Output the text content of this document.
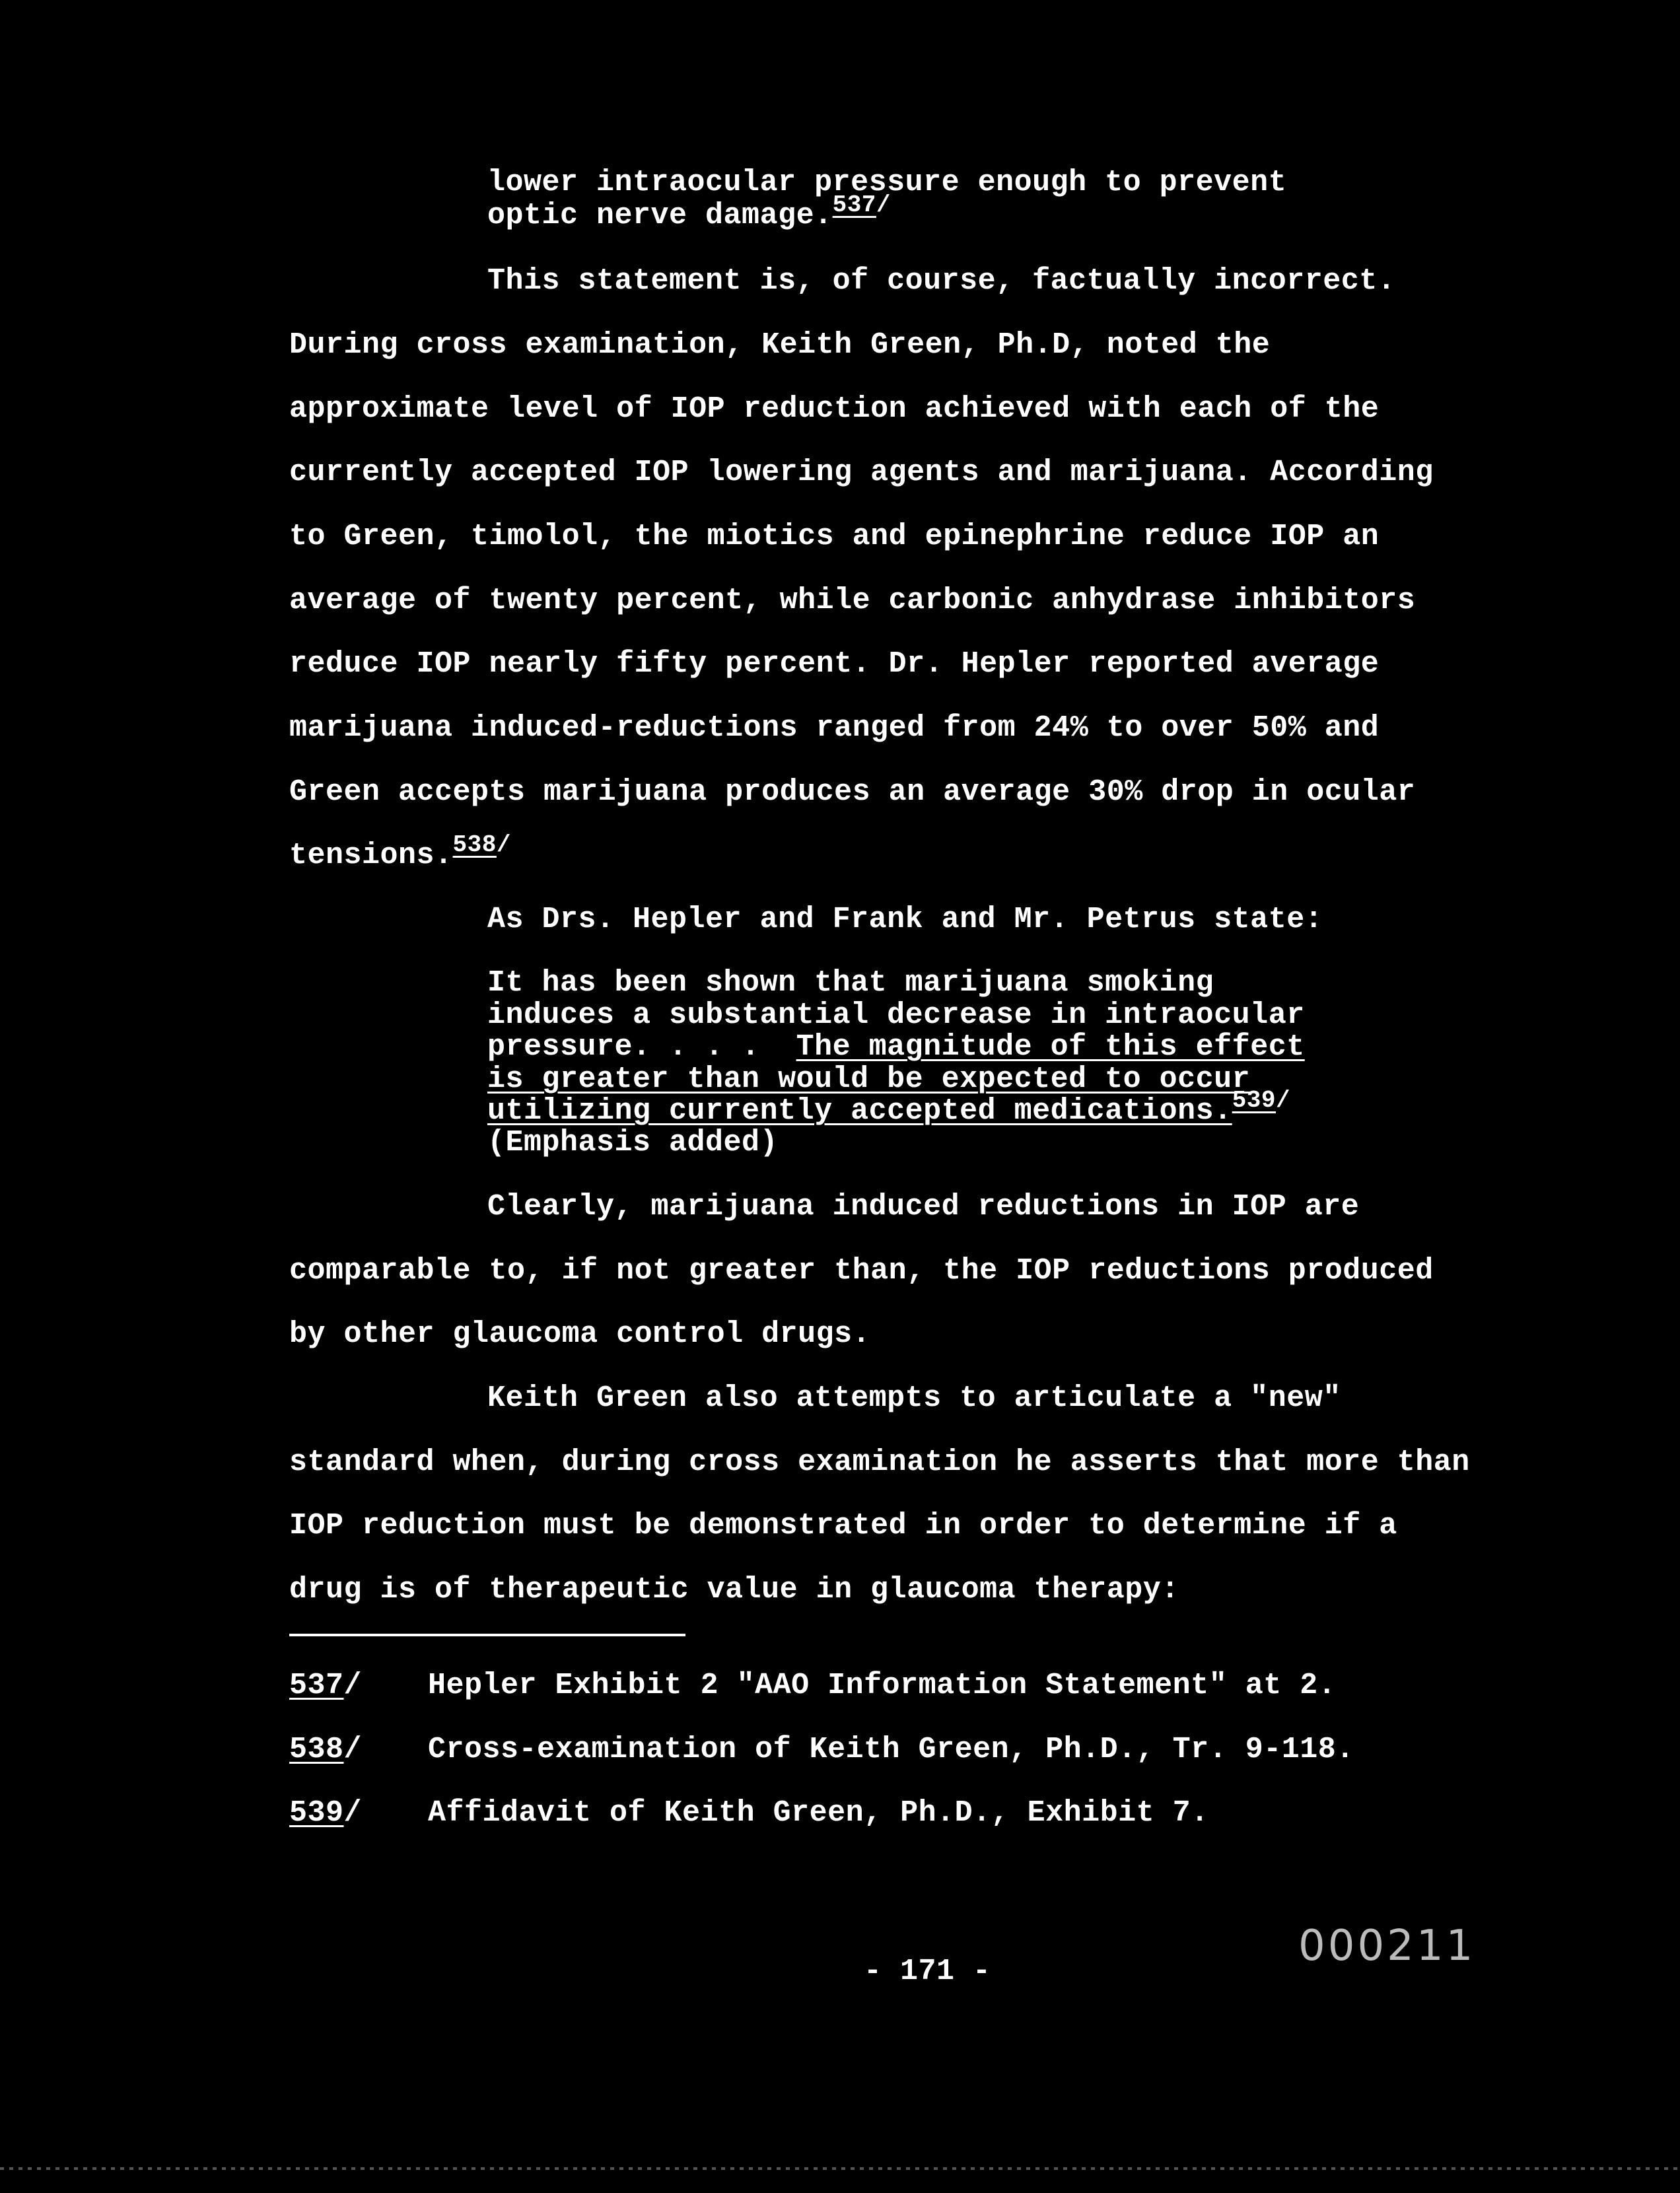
lower intraocular pressure enough to prevent
optic nerve damage.$^{537/}$
This statement is, of course, factually incorrect.
During cross examination, Keith Green, Ph.D, noted the
approximate level of IOP reduction achieved with each of the
currently accepted IOP lowering agents and marijuana. According
to Green, timolol, the miotics and epinephrine reduce IOP an
average of twenty percent, while carbonic anhydrase inhibitors
reduce IOP nearly fifty percent. Dr. Hepler reported average
marijuana induced-reductions ranged from 24% to over 50% and
Green accepts marijuana produces an average 30% drop in ocular
tensions.$^{538/}$
As Drs. Hepler and Frank and Mr. Petrus state:
It has been shown that marijuana smoking
induces a substantial decrease in intraocular
pressure. . . .  The magnitude of this effect
is greater than would be expected to occur
utilizing currently accepted medications.$^{539/}$
(Emphasis added)
Clearly, marijuana induced reductions in IOP are
comparable to, if not greater than, the IOP reductions produced
by other glaucoma control drugs.
Keith Green also attempts to articulate a "new"
standard when, during cross examination he asserts that more than
IOP reduction must be demonstrated in order to determine if a
drug is of therapeutic value in glaucoma therapy:
537/ Hepler Exhibit 2 "AAO Information Statement" at 2.
538/ Cross-examination of Keith Green, Ph.D., Tr. 9-118.
539/ Affidavit of Keith Green, Ph.D., Exhibit 7.
- 171 -
000211
